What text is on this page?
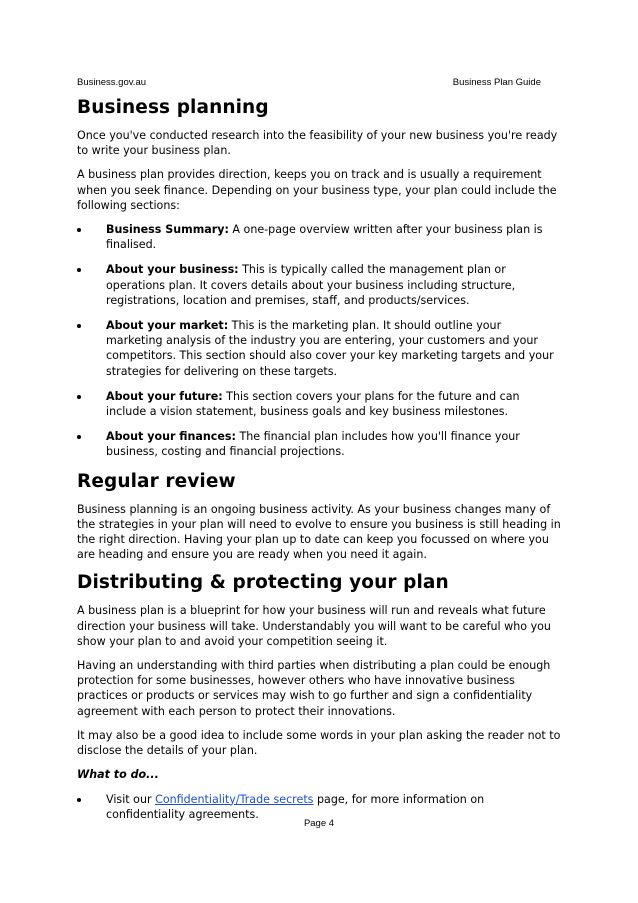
Business.gov.au	Business Plan Guide
Business planning

Once you've conducted research into the feasibility of your new business you're ready to write your business plan.

A business plan provides direction, keeps you on track and is usually a requirement when you seek finance. Depending on your business type, your plan could include the following sections:

Business Summary: A one-page overview written after your business plan is finalised.
About your business: This is typically called the management plan or operations plan. It covers details about your business including structure, registrations, location and premises, staff, and products/services.
About your market: This is the marketing plan. It should outline your marketing analysis of the industry you are entering, your customers and your competitors. This section should also cover your key marketing targets and your strategies for delivering on these targets.
About your future: This section covers your plans for the future and can include a vision statement, business goals and key business milestones.
About your finances: The financial plan includes how you'll finance your business, costing and financial projections.
Regular review

Business planning is an ongoing business activity. As your business changes many of the strategies in your plan will need to evolve to ensure you business is still heading in the right direction. Having your plan up to date can keep you focussed on where you are heading and ensure you are ready when you need it again.

Distributing & protecting your plan

A business plan is a blueprint for how your business will run and reveals what future direction your business will take. Understandably you will want to be careful who you show your plan to and avoid your competition seeing it.

Having an understanding with third parties when distributing a plan could be enough protection for some businesses, however others who have innovative business practices or products or services may wish to go further and sign a confidentiality agreement with each person to protect their innovations.

It may also be a good idea to include some words in your plan asking the reader not to disclose the details of your plan.

What to do...
Visit our Confidentiality/Trade secrets page, for more information on confidentiality agreements.
Page 4
